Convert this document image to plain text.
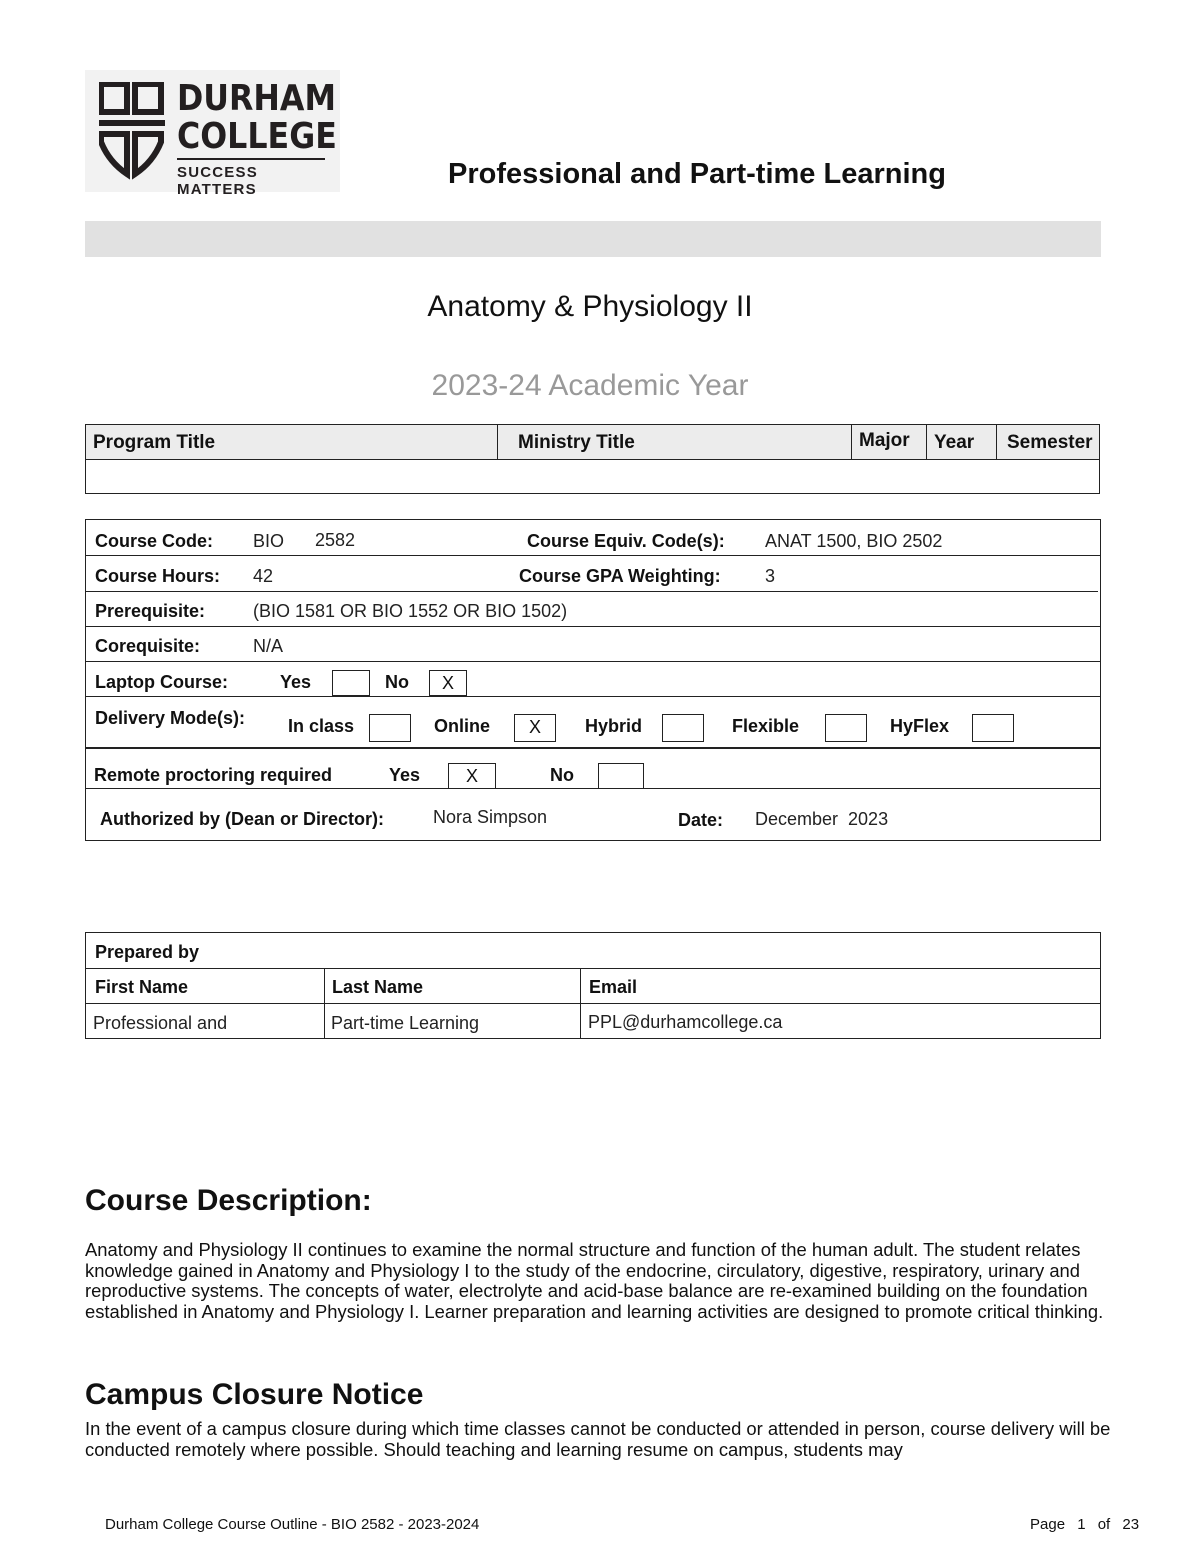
DURHAM
COLLEGE
SUCCESS MATTERS	Professional and Part-time Learning
Anatomy & Physiology II
2023-24 Academic Year
Program Title	Ministry Title	Major	Year	Semester
Course Code: BIO 2582	Course Equiv. Code(s): ANAT 1500, BIO 2502
Course Hours: 42	Course GPA Weighting: 3
Prerequisite:	(BIO 1581 OR BIO 1552 OR BIO 1502)
Corequisite:	N/A
Laptop Course:	Yes	No	X
Delivery Mode(s): In class	Online	X	Hybrid	Flexible	HyFlex
Remote proctoring required	Yes	X	No
Authorized by (Dean or Director):	Nora Simpson	Date: December  2023
Prepared by
First Name	Last Name	Email
Professional and	Part-time Learning	PPL@durhamcollege.ca
Course Description:
Anatomy and Physiology II continues to examine the normal structure and function of the human adult. The student relates knowledge gained in Anatomy and Physiology I to the study of the endocrine, circulatory, digestive, respiratory, urinary and reproductive systems. The concepts of water, electrolyte and acid-base balance are re-examined building on the foundation established in Anatomy and Physiology I. Learner preparation and learning activities are designed to promote critical thinking.
Campus Closure Notice
In the event of a campus closure during which time classes cannot be conducted or attended in person, course delivery will be conducted remotely where possible. Should teaching and learning resume on campus, students may
Durham College Course Outline - BIO 2582 - 2023-2024	Page 1 of 23
